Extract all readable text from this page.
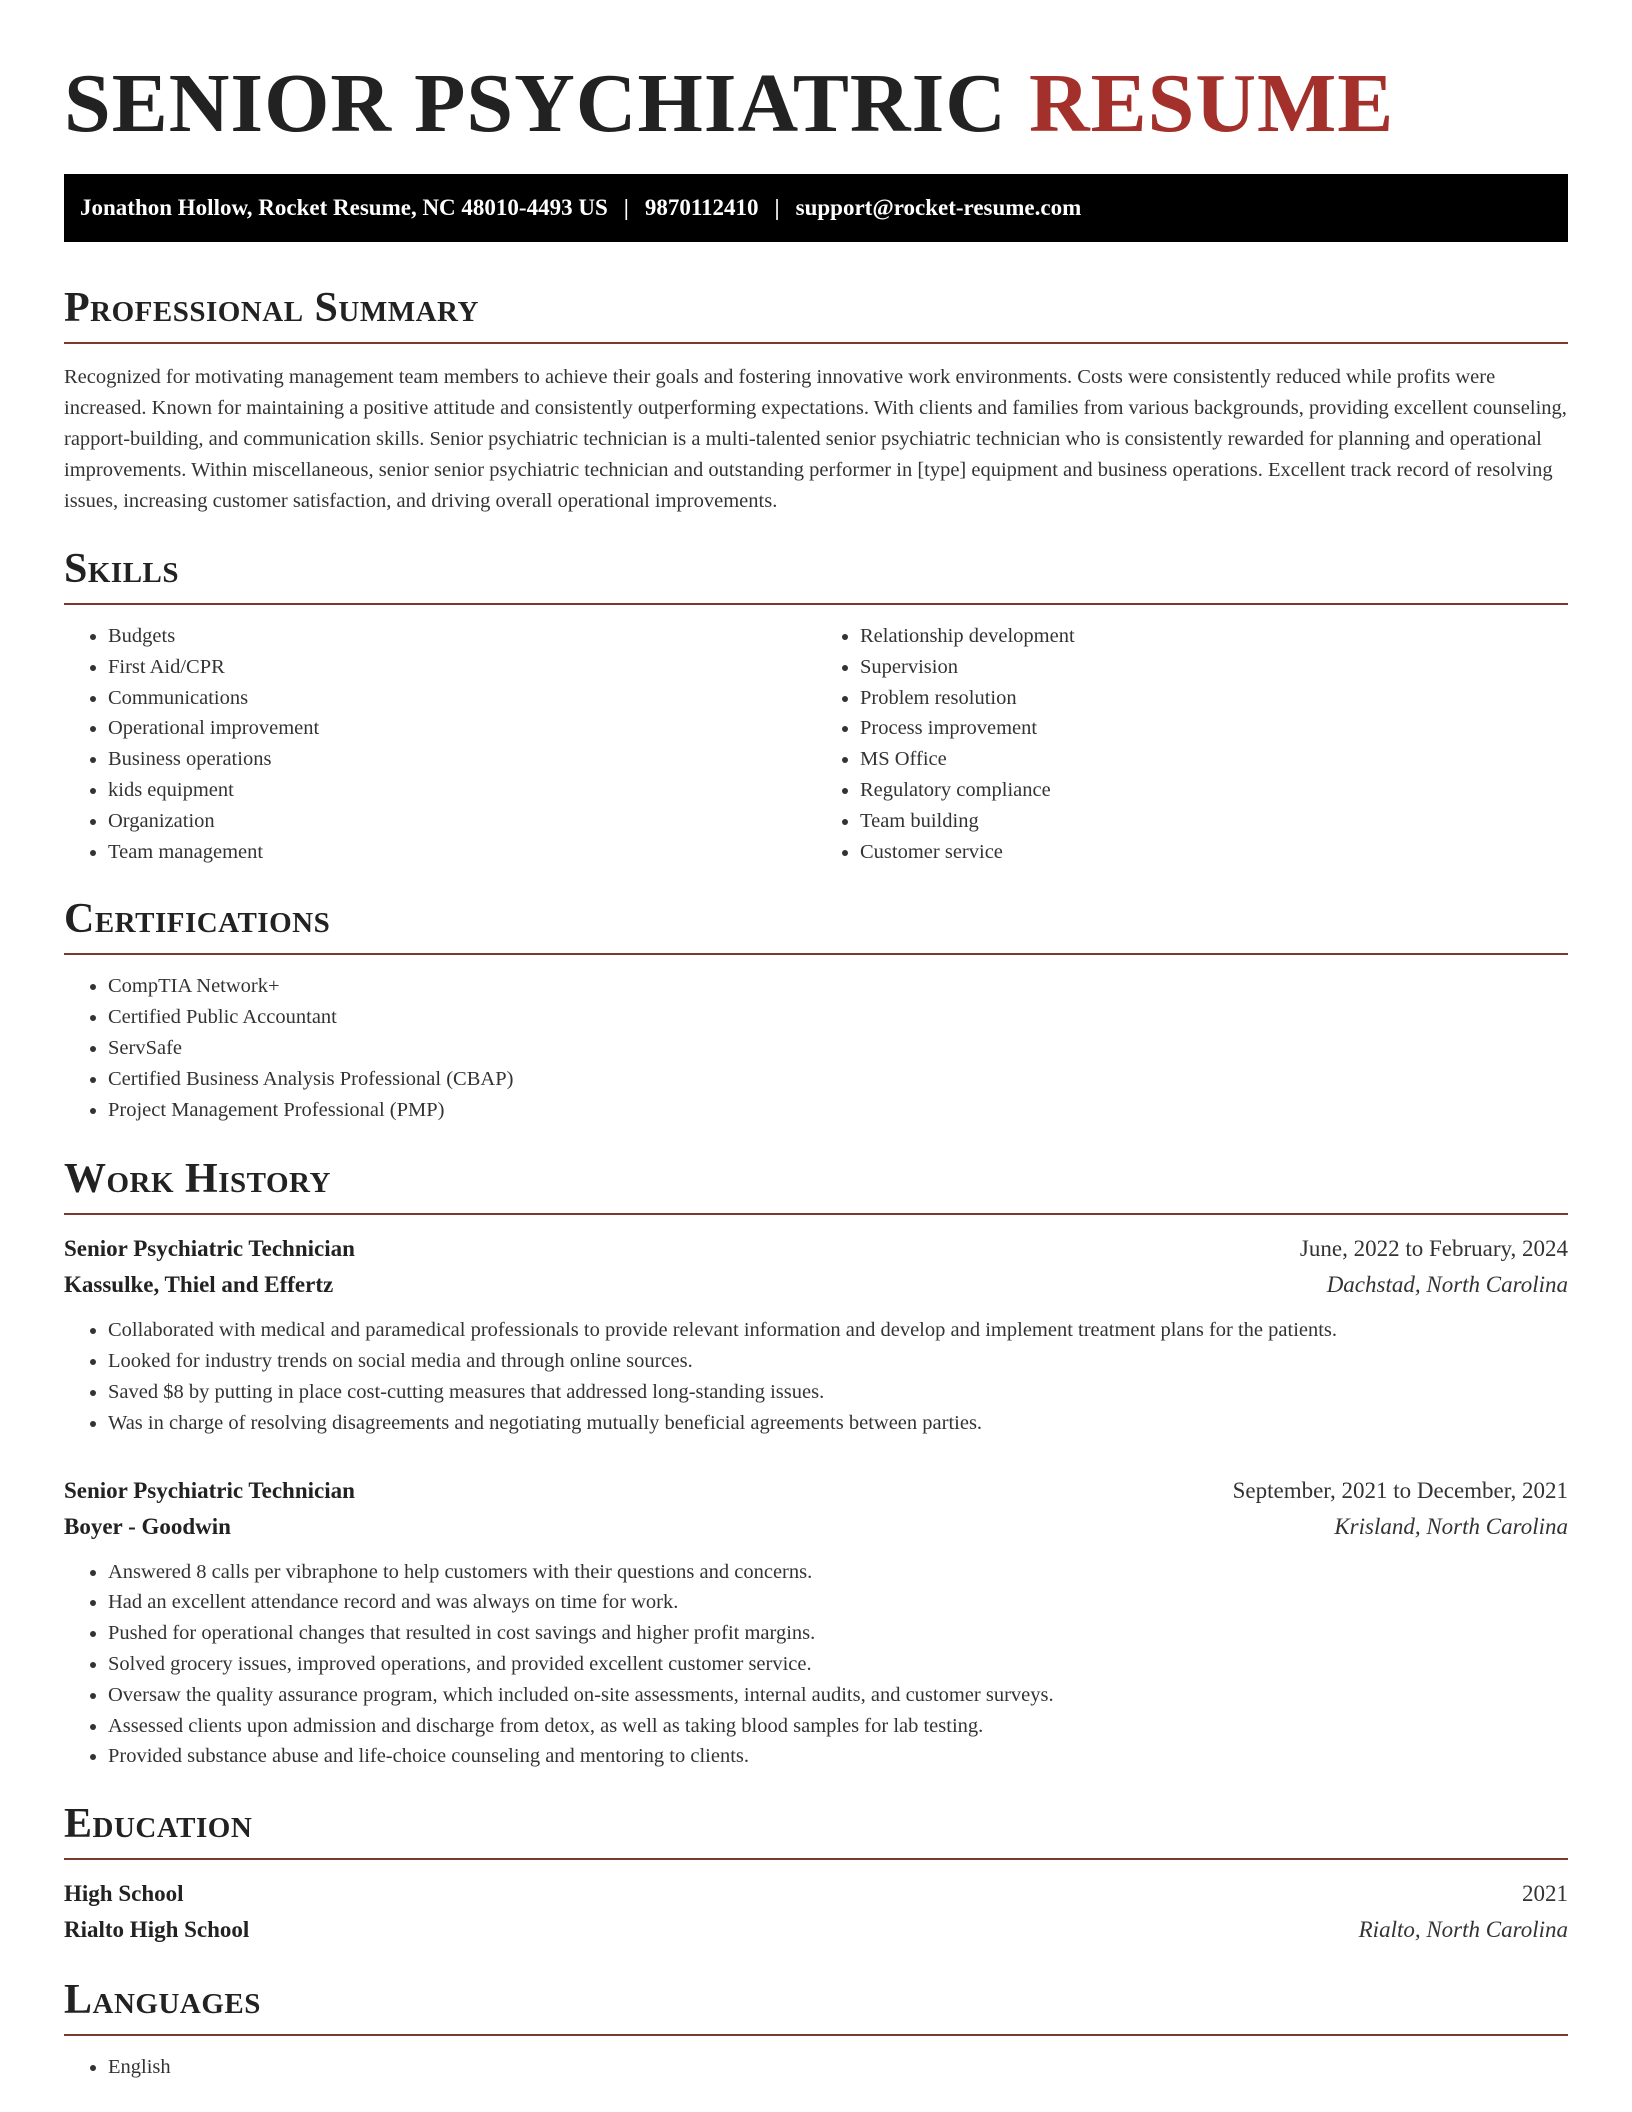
SENIOR PSYCHIATRIC RESUME
Jonathon Hollow, Rocket Resume, NC 48010-4493 US | 9870112410 | support@rocket-resume.com
Professional Summary

Recognized for motivating management team members to achieve their goals and fostering innovative work environments. Costs were consistently reduced while profits were increased. Known for maintaining a positive attitude and consistently outperforming expectations. With clients and families from various backgrounds, providing excellent counseling, rapport-building, and communication skills. Senior psychiatric technician is a multi-talented senior psychiatric technician who is consistently rewarded for planning and operational improvements. Within miscellaneous, senior senior psychiatric technician and outstanding performer in [type] equipment and business operations. Excellent track record of resolving issues, increasing customer satisfaction, and driving overall operational improvements.

Skills
• Budgets
• First Aid/CPR
• Communications
• Operational improvement
• Business operations
• kids equipment
• Organization
• Team management
• Relationship development
• Supervision
• Problem resolution
• Process improvement
• MS Office
• Regulatory compliance
• Team building
• Customer service
Certifications
• CompTIA Network+
• Certified Public Accountant
• ServSafe
• Certified Business Analysis Professional (CBAP)
• Project Management Professional (PMP)
Work History
Senior Psychiatric Technician	June, 2022 to February, 2024
Kassulke, Thiel and Effertz	Dachstad, North Carolina
• Collaborated with medical and paramedical professionals to provide relevant information and develop and implement treatment plans for the patients.
• Looked for industry trends on social media and through online sources.
• Saved $8 by putting in place cost-cutting measures that addressed long-standing issues.
• Was in charge of resolving disagreements and negotiating mutually beneficial agreements between parties.
Senior Psychiatric Technician	September, 2021 to December, 2021
Boyer - Goodwin	Krisland, North Carolina
• Answered 8 calls per vibraphone to help customers with their questions and concerns.
• Had an excellent attendance record and was always on time for work.
• Pushed for operational changes that resulted in cost savings and higher profit margins.
• Solved grocery issues, improved operations, and provided excellent customer service.
• Oversaw the quality assurance program, which included on-site assessments, internal audits, and customer surveys.
• Assessed clients upon admission and discharge from detox, as well as taking blood samples for lab testing.
• Provided substance abuse and life-choice counseling and mentoring to clients.
Education
High School	2021
Rialto High School	Rialto, North Carolina
Languages
• English
